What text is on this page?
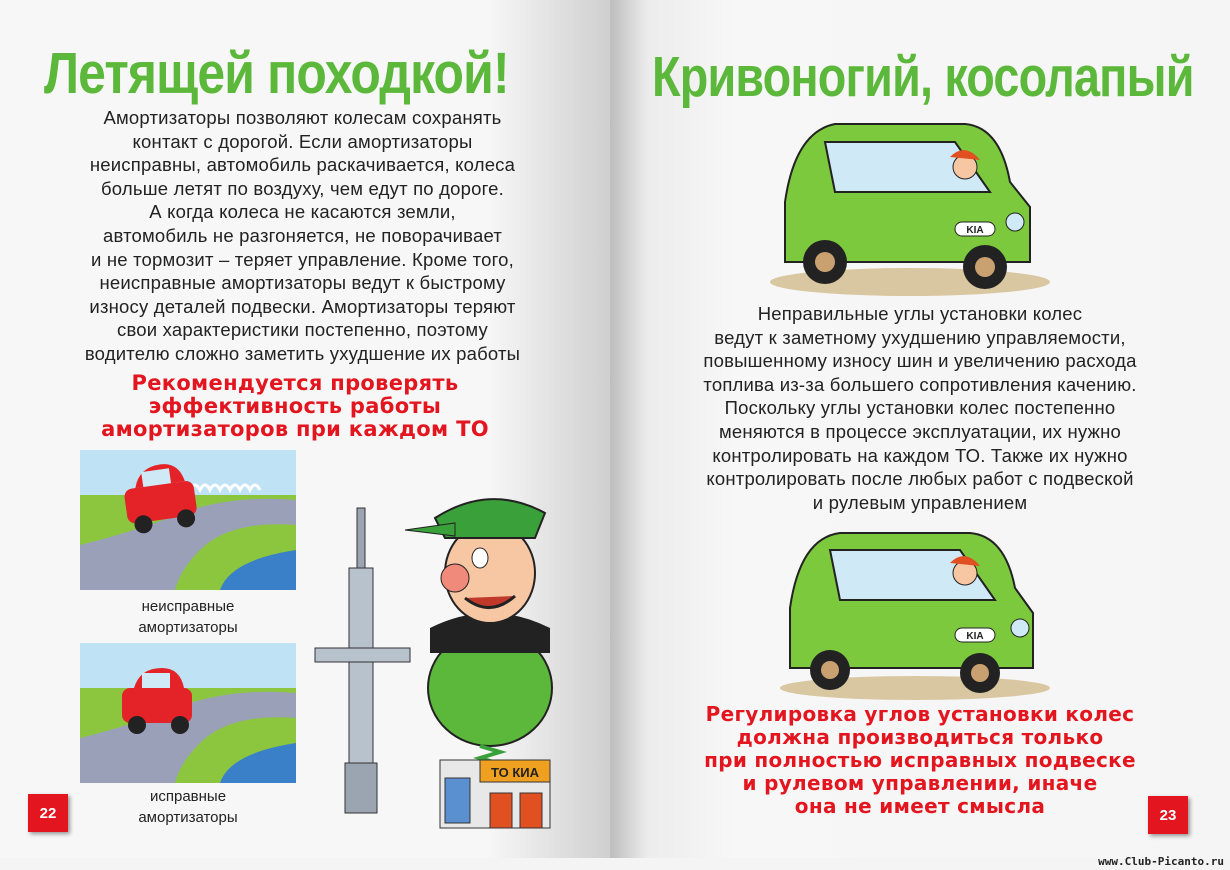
Летящей походкой!
Амортизаторы позволяют колесам сохранять
контакт с дорогой. Если амортизаторы
неисправны, автомобиль раскачивается, колеса
больше летят по воздуху, чем едут по дороге.
А когда колеса не касаются земли,
автомобиль не разгоняется, не поворачивает
и не тормозит – теряет управление. Кроме того,
неисправные амортизаторы ведут к быстрому
износу деталей подвески. Амортизаторы теряют
свои характеристики постепенно, поэтому
водителю сложно заметить ухудшение их работы
Рекомендуется проверять
эффективность работы
амортизаторов при каждом ТО
неисправные
амортизаторы
исправные
амортизаторы
ТО КИА
22
Кривоногий, косолапый
KIA
Неправильные углы установки колес
ведут к заметному ухудшению управляемости,
повышенному износу шин и увеличению расхода
топлива из-за большего сопротивления качению.
Поскольку углы установки колес постепенно
меняются в процессе эксплуатации, их нужно
контролировать на каждом ТО. Также их нужно
контролировать после любых работ с подвеской
и рулевым управлением
KIA
Регулировка углов установки колес
должна производиться только
при полностью исправных подвеске
и рулевом управлении, иначе
она не имеет смысла	23
www.Club-Picanto.ru
